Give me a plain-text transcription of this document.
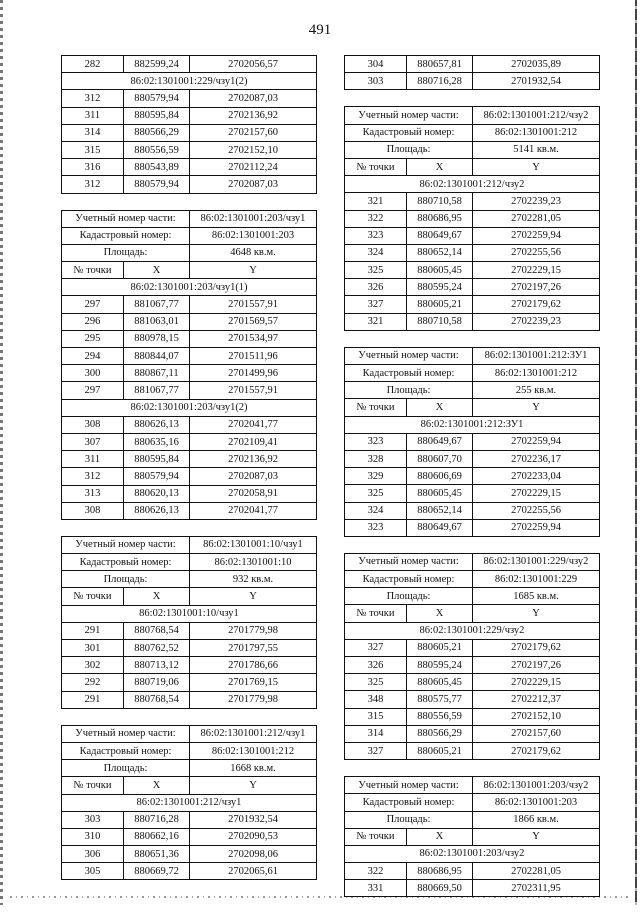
491
282	882599,24	2702056,57
86:02:1301001:229/чзу1(2)		
312	880579,94	2702087,03
311	880595,84	2702136,92
314	880566,29	2702157,60
315	880556,59	2702152,10
316	880543,89	2702112,24
312	880579,94	2702087,03
Учетный номер части:		86:02:1301001:203/чзу1
Кадастровый номер:		86:02:1301001:203
Площадь:		4648 кв.м.
№ точки	X	Y
86:02:1301001:203/чзу1(1)		
297	881067,77	2701557,91
296	881063,01	2701569,57
295	880978,15	2701534,97
294	880844,07	2701511,96
300	880867,11	2701499,96
297	881067,77	2701557,91
86:02:1301001:203/чзу1(2)		
308	880626,13	2702041,77
307	880635,16	2702109,41
311	880595,84	2702136,92
312	880579,94	2702087,03
313	880620,13	2702058,91
308	880626,13	2702041,77
Учетный номер части:		86:02:1301001:10/чзу1
Кадастровый номер:		86:02:1301001:10
Площадь:		932 кв.м.
№ точки	X	Y
86:02:1301001:10/чзу1		
291	880768,54	2701779,98
301	880762,52	2701797,55
302	880713,12	2701786,66
292	880719,06	2701769,15
291	880768,54	2701779,98
Учетный номер части:		86:02:1301001:212/чзу1
Кадастровый номер:		86:02:1301001:212
Площадь:		1668 кв.м.
№ точки	X	Y
86:02:1301001:212/чзу1		
303	880716,28	2701932,54
310	880662,16	2702090,53
306	880651,36	2702098,06
305	880669,72	2702065,61
304	880657,81	2702035,89
303	880716,28	2701932,54
Учетный номер части:		86:02:1301001:212/чзу2
Кадастровый номер:		86:02:1301001:212
Площадь:		5141 кв.м.
№ точки	X	Y
86:02:1301001:212/чзу2		
321	880710,58	2702239,23
322	880686,95	2702281,05
323	880649,67	2702259,94
324	880652,14	2702255,56
325	880605,45	2702229,15
326	880595,24	2702197,26
327	880605,21	2702179,62
321	880710,58	2702239,23
Учетный номер части:		86:02:1301001:212:ЗУ1
Кадастровый номер:		86:02:1301001:212
Площадь:		255 кв.м.
№ точки	X	Y
86:02:1301001:212:ЗУ1		
323	880649,67	2702259,94
328	880607,70	2702236,17
329	880606,69	2702233,04
325	880605,45	2702229,15
324	880652,14	2702255,56
323	880649,67	2702259,94
Учетный номер части:		86:02:1301001:229/чзу2
Кадастровый номер:		86:02:1301001:229
Площадь:		1685 кв.м.
№ точки	X	Y
86:02:1301001:229/чзу2		
327	880605,21	2702179,62
326	880595,24	2702197,26
325	880605,45	2702229,15
348	880575,77	2702212,37
315	880556,59	2702152,10
314	880566,29	2702157,60
327	880605,21	2702179,62
Учетный номер части:		86:02:1301001:203/чзу2
Кадастровый номер:		86:02:1301001:203
Площадь:		1866 кв.м.
№ точки	X	Y
86:02:1301001:203/чзу2		
322	880686,95	2702281,05
331	880669,50	2702311,95
